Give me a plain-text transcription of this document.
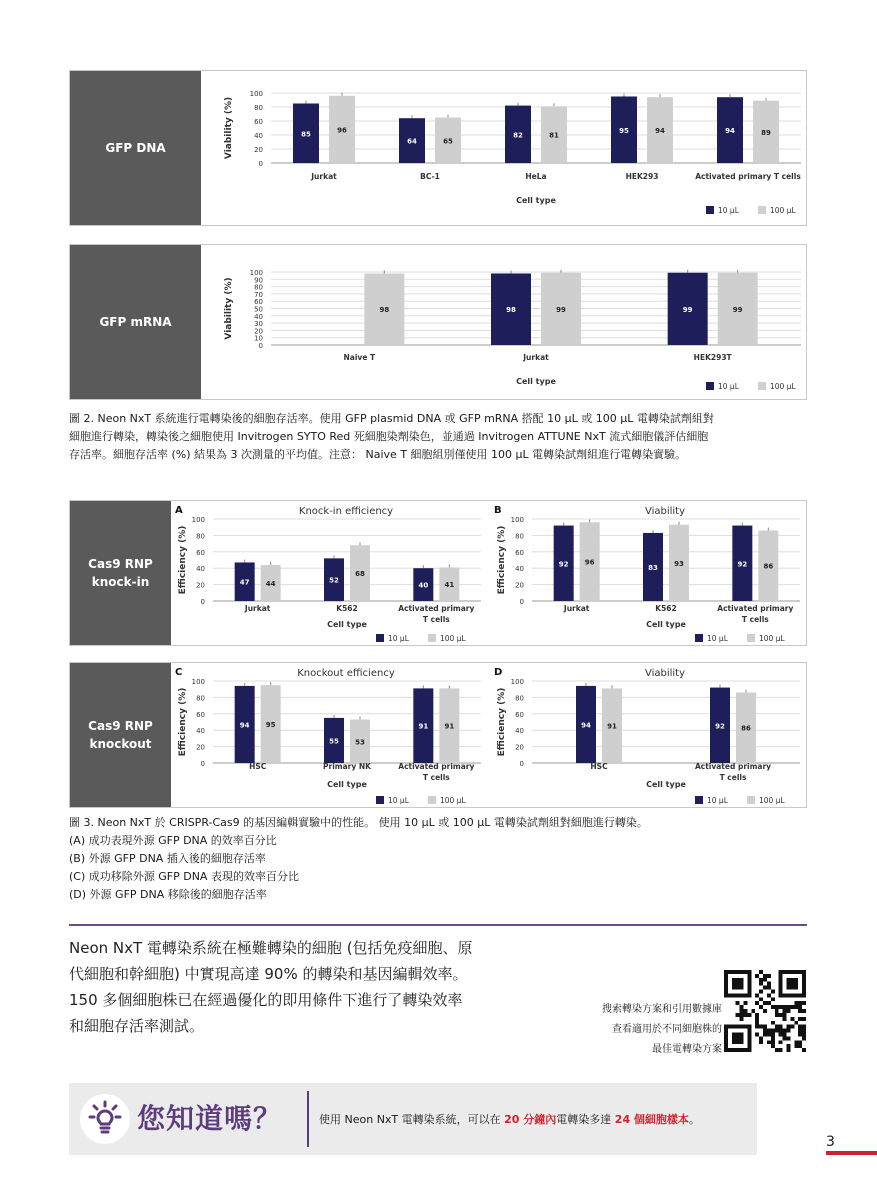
GFP DNA
0
20
40
60
80
100
Viability (%)	85	96
Jurkat
64	65
BC-1
82	81
HeLa
95	94
HEK293
94	89
Activated primary T cells
Cell type
10 µL	100 µL
GFP mRNA
0
10
20
30
40
50
60
70
80
90
100
Viability (%)	98
Naive T
98	99
Jurkat
99	99
HEK293T
Cell type
10 µL	100 µL
圖 2. Neon NxT 系統進行電轉染後的細胞存活率。使用 GFP plasmid DNA 或 GFP mRNA 搭配 10 µL 或 100 µL 電轉染試劑組對
細胞進行轉染，轉染後之細胞使用 Invitrogen SYTO Red 死細胞染劑染色，並通過 Invitrogen ATTUNE NxT 流式細胞儀評估細胞
存活率。細胞存活率 (%) 結果為 3 次測量的平均值。注意： Naive T 細胞組別僅使用 100 µL 電轉染試劑組進行電轉染實驗。
Cas9 RNP
knock-in
0
20
40
60
80
100
Efficiency (%)
A	Knock-in efficiency
47 44
Jurkat
52
68
K562
40 41
Activated primary
T cells
Cell type
10 µL	100 µL
0
20
40
60
80
100
Efficiency (%)
B	Viability
92 96
Jurkat
83
93
K562
92 86
Activated primary
T cells
Cell type
10 µL	100 µL
Cas9 RNP
knockout
0
20
40
60
80
100
Efficiency (%)
C	Knockout efficiency
94 95
HSC
55 53
Primary NK
91 91
Activated primary
T cells
Cell type
10 µL	100 µL
0
20
40
60
80
100
Efficiency (%)
D	Viability
94 91
HSC
92 86
Activated primary
T cells
Cell type
10 µL	100 µL
圖 3. Neon NxT 於 CRISPR-Cas9 的基因編輯實驗中的性能。 使用 10 µL 或 100 µL 電轉染試劑組對細胞進行轉染。
(A) 成功表現外源 GFP DNA 的效率百分比
(B) 外源 GFP DNA 插入後的細胞存活率
(C) 成功移除外源 GFP DNA 表現的效率百分比
(D) 外源 GFP DNA 移除後的細胞存活率
Neon NxT 電轉染系統在極難轉染的細胞 (包括免疫細胞、原
代細胞和幹細胞) 中實現高達 90% 的轉染和基因編輯效率。
150 多個細胞株已在經過優化的即用條件下進行了轉染效率
和細胞存活率測試。
搜索轉染方案和引用數據庫
查看適用於不同細胞株的
最佳電轉染方案
您知道嗎？	使用 Neon NxT 電轉染系統，可以在 20 分鐘內電轉染多達 24 個細胞樣本。
3
